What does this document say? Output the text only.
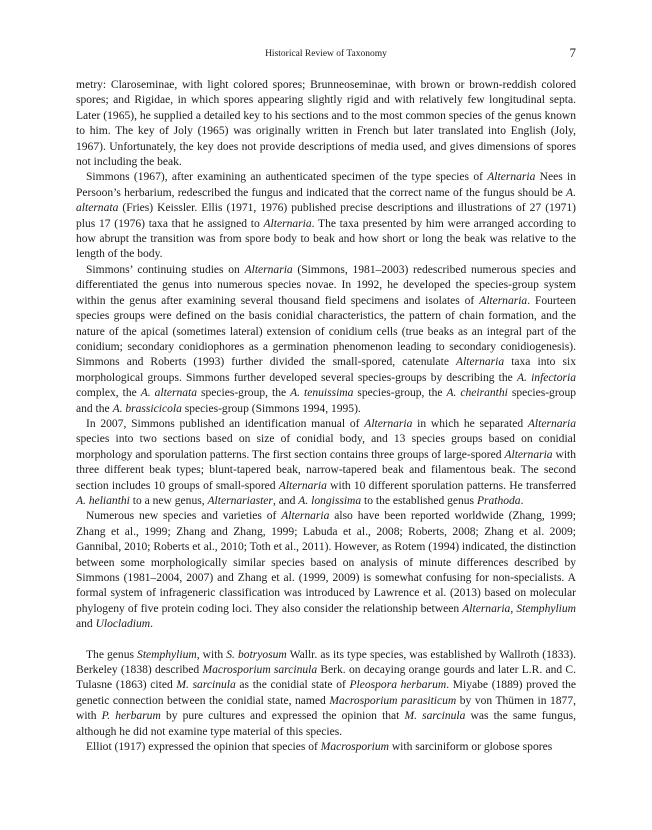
Historical Review of Taxonomy	7

metry: Claroseminae, with light colored spores; Brunneoseminae, with brown or brown-reddish colored spores; and Rigidae, in which spores appearing slightly rigid and with relatively few longitudinal septa. Later (1965), he supplied a detailed key to his sections and to the most common species of the genus known to him. The key of Joly (1965) was originally written in French but later translated into English (Joly, 1967). Unfortunately, the key does not provide descriptions of media used, and gives dimensions of spores not including the beak.

Simmons (1967), after examining an authenticated specimen of the type species of Alternaria Nees in Persoon’s herbarium, redescribed the fungus and indicated that the correct name of the fungus should be A. alternata (Fries) Keissler. Ellis (1971, 1976) published precise descriptions and illustrations of 27 (1971) plus 17 (1976) taxa that he assigned to Alternaria. The taxa presented by him were arranged according to how abrupt the transition was from spore body to beak and how short or long the beak was relative to the length of the body.

Simmons’ continuing studies on Alternaria (Simmons, 1981–2003) redescribed numerous species and differentiated the genus into numerous species novae. In 1992, he developed the species-group system within the genus after examining several thousand field specimens and isolates of Alternaria. Fourteen species groups were defined on the basis conidial characteristics, the pattern of chain formation, and the nature of the apical (sometimes lateral) extension of conidium cells (true beaks as an integral part of the conidium; secondary conidiophores as a germination phenomenon leading to secondary conidiogenesis). Simmons and Roberts (1993) further divided the small-spored, catenulate Alternaria taxa into six morphological groups. Simmons further developed several species-groups by describing the A. infectoria complex, the A. alternata species-group, the A. tenuissima species-group, the A. cheiranthi species-group and the A. brassicicola species-group (Simmons 1994, 1995).

In 2007, Simmons published an identification manual of Alternaria in which he separated Alternaria species into two sections based on size of conidial body, and 13 species groups based on conidial morphology and sporulation patterns. The first section contains three groups of large-spored Alternaria with three different beak types; blunt-tapered beak, narrow-tapered beak and filamentous beak. The second section includes 10 groups of small-spored Alternaria with 10 different sporulation patterns. He transferred A. helianthi to a new genus, Alternariaster, and A. longissima to the established genus Prathoda.

Numerous new species and varieties of Alternaria also have been reported worldwide (Zhang, 1999; Zhang et al., 1999; Zhang and Zhang, 1999; Labuda et al., 2008; Roberts, 2008; Zhang et al. 2009; Gannibal, 2010; Roberts et al., 2010; Toth et al., 2011). However, as Rotem (1994) indicated, the distinction between some morphologically similar species based on analysis of minute differences described by Simmons (1981–2004, 2007) and Zhang et al. (1999, 2009) is somewhat confusing for non-specialists. A formal system of infrageneric classification was introduced by Lawrence et al. (2013) based on molecular phylogeny of five protein coding loci. They also consider the relationship between Alternaria, Stemphylium and Ulocladium.

The genus Stemphylium, with S. botryosum Wallr. as its type species, was established by Wallroth (1833). Berkeley (1838) described Macrosporium sarcinula Berk. on decaying orange gourds and later L.R. and C. Tulasne (1863) cited M. sarcinula as the conidial state of Pleospora herbarum. Miyabe (1889) proved the genetic connection between the conidial state, named Macrosporium parasiticum by von Thümen in 1877, with P. herbarum by pure cultures and expressed the opinion that M. sarcinula was the same fungus, although he did not examine type material of this species.

Elliot (1917) expressed the opinion that species of Macrosporium with sarciniform or globose spores
